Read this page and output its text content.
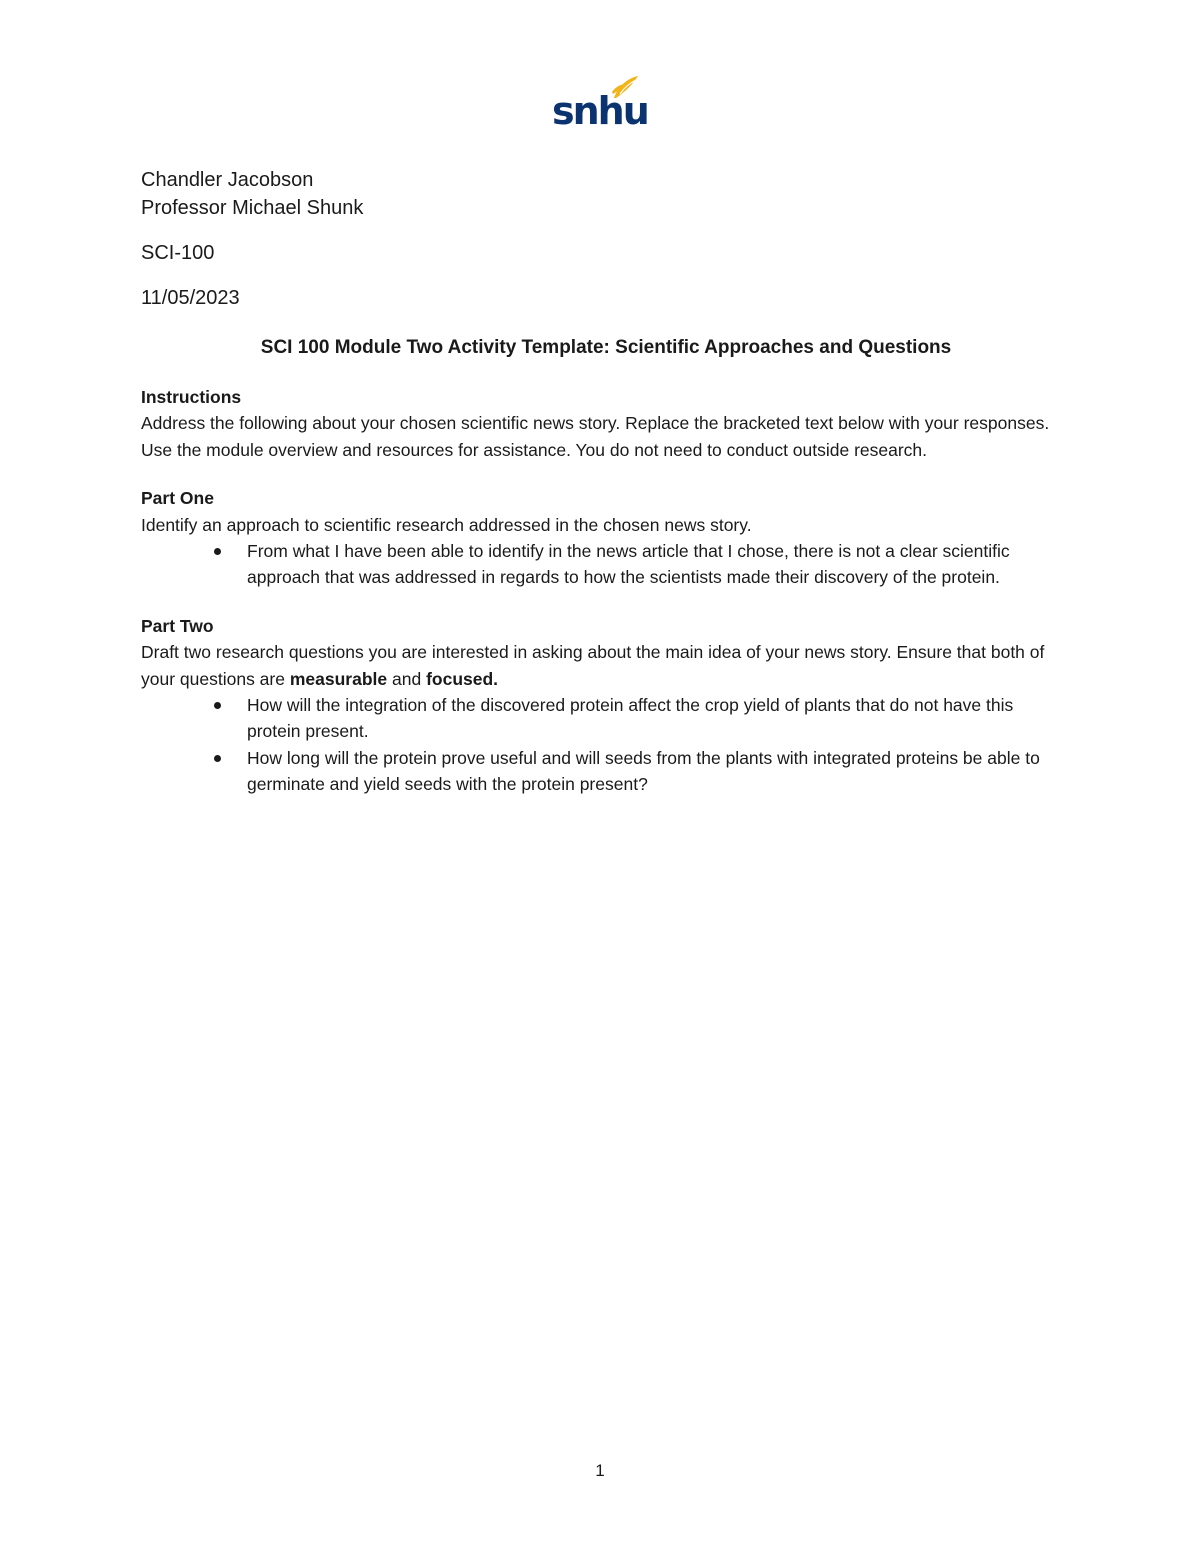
snhu

Chandler Jacobson

Professor Michael Shunk

SCI-100

11/05/2023

SCI 100 Module Two Activity Template: Scientific Approaches and Questions

Instructions

Address the following about your chosen scientific news story. Replace the bracketed text below with your responses. Use the module overview and resources for assistance. You do not need to conduct outside research.

Part One

Identify an approach to scientific research addressed in the chosen news story.

From what I have been able to identify in the news article that I chose, there is not a clear scientific approach that was addressed in regards to how the scientists made their discovery of the protein.

Part Two

Draft two research questions you are interested in asking about the main idea of your news story. Ensure that both of your questions are measurable and focused.

How will the integration of the discovered protein affect the crop yield of plants that do not have this protein present.
How long will the protein prove useful and will seeds from the plants with integrated proteins be able to germinate and yield seeds with the protein present?
1
